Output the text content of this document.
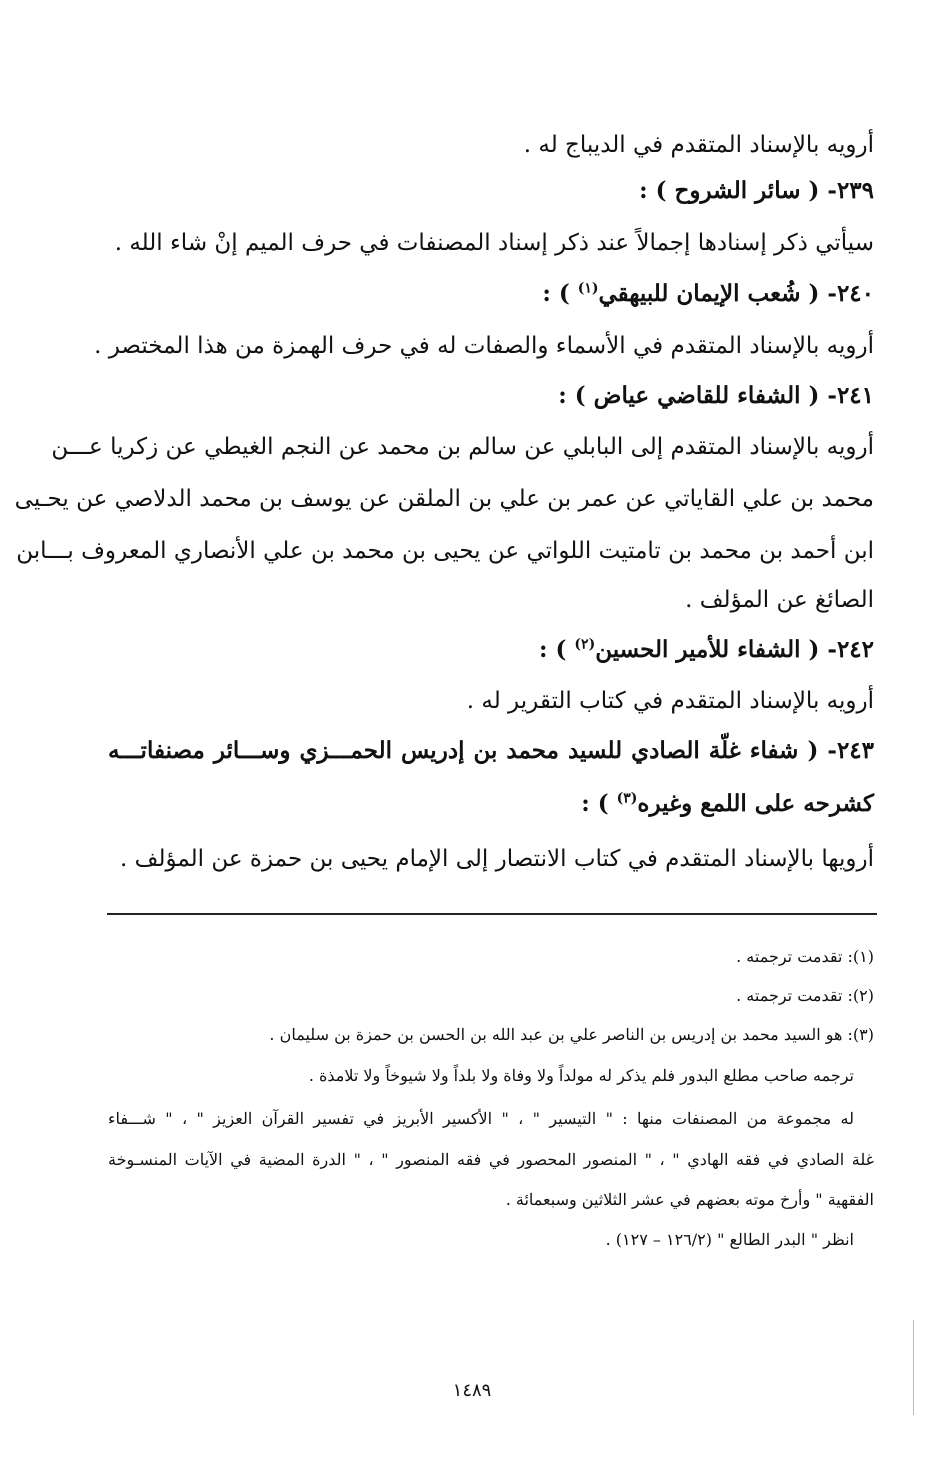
أرويه بالإسناد المتقدم في الديباج له .
٢٣٩- ( سائر الشروح ) :
سيأتي ذكر إسنادها إجمالاً عند ذكر إسناد المصنفات في حرف الميم إنْ شاء الله .
٢٤٠- ( شُعب الإيمان للبيهقي$^{(١)}$ ) :
أرويه بالإسناد المتقدم في الأسماء والصفات له في حرف الهمزة من هذا المختصر .
٢٤١- ( الشفاء للقاضي عياض ) :
أرويه بالإسناد المتقدم إلى البابلي عن سالم بن محمد عن النجم الغيطي عن زكريا عـــن
محمد بن علي القاياتي عن عمر بن علي بن الملقن عن يوسف بن محمد الدلاصي عن يحـيى
ابن أحمد بن محمد بن تامتيت اللواتي عن يحيى بن محمد بن علي الأنصاري المعروف بـــابن
الصائغ عن المؤلف .
٢٤٢- ( الشفاء للأمير الحسين$^{(٢)}$ ) :
أرويه بالإسناد المتقدم في كتاب التقرير له .
٢٤٣- ( شفاء غلّة الصادي للسيد محمد بن إدريس الحمـــزي وســـائر مصنفاتـــه
كشرحه على اللمع وغيره$^{(٣)}$ ) :
أرويها بالإسناد المتقدم في كتاب الانتصار إلى الإمام يحيى بن حمزة عن المؤلف .
(١): تقدمت ترجمته .
(٢): تقدمت ترجمته .
(٣): هو السيد محمد بن إدريس بن الناصر علي بن عبد الله بن الحسن بن حمزة بن سليمان .
ترجمه صاحب مطلع البدور فلم يذكر له مولداً ولا وفاة ولا بلداً ولا شيوخاً ولا تلامذة .
له مجموعة من المصنفات منها : " التيسير " ، " الأكسير الأبريز في تفسير القرآن العزيز " ، " شـــفاء
غلة الصادي في فقه الهادي " ، " المنصور المحصور في فقه المنصور " ، " الدرة المضية في الآيات المنسـوخة
الفقهية " وأرخ موته بعضهم في عشر الثلاثين وسبعمائة .
انظر " البدر الطالع " (١٢٦/٢ – ١٢٧) .
١٤٨٩
